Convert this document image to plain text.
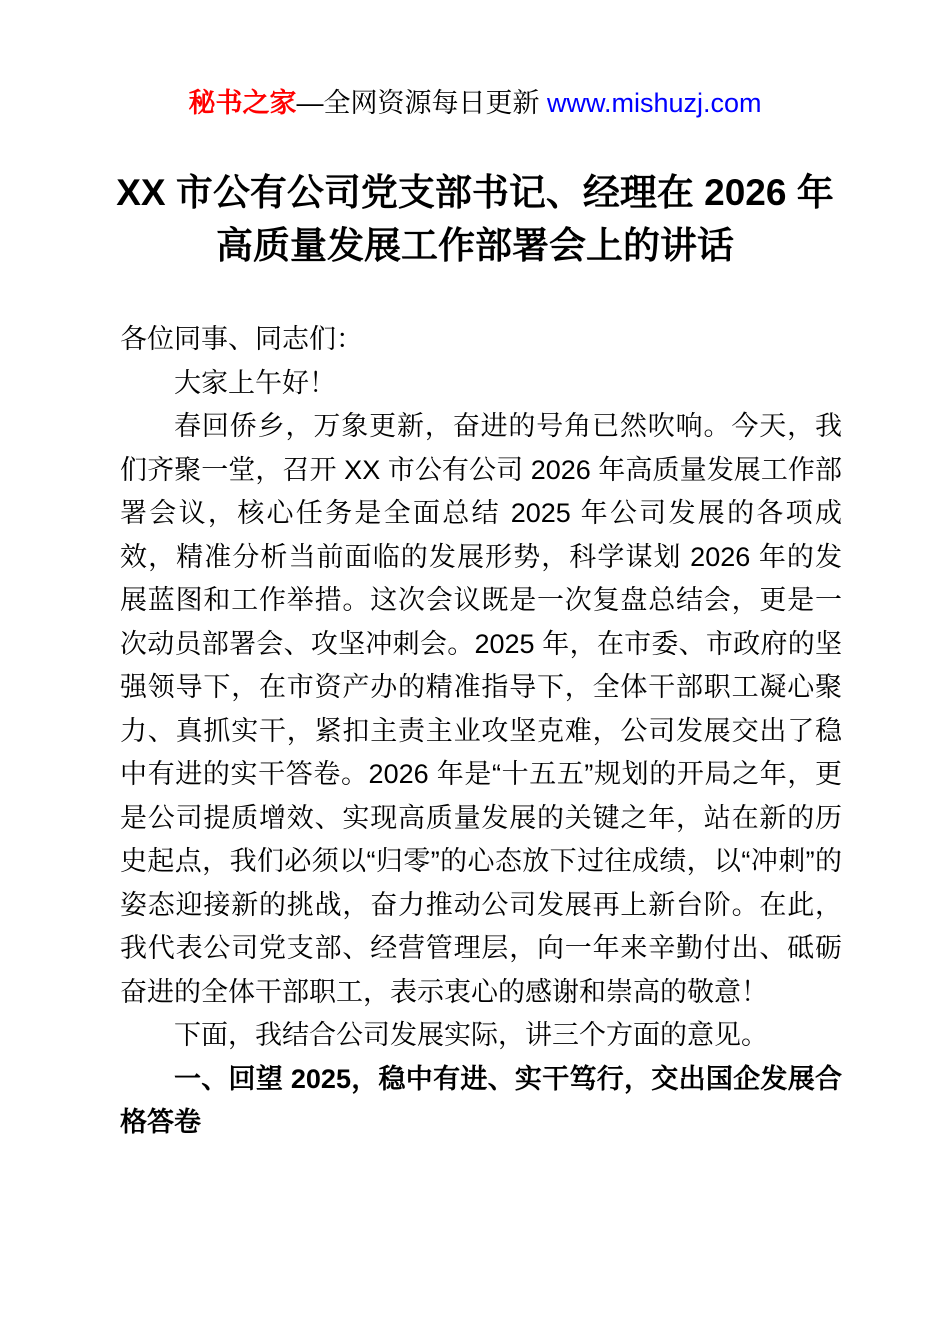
秘书之家—全网资源每日更新 www.mishuzj.com
XX 市公有公司党支部书记、经理在 2026 年
高质量发展工作部署会上的讲话

各位同事、同志们：

大家上午好！

春回侨乡，万象更新，奋进的号角已然吹响。今天，我们齐聚一堂，召开 XX 市公有公司 2026 年高质量发展工作部署会议，核心任务是全面总结 2025 年公司发展的各项成效，精准分析当前面临的发展形势，科学谋划 2026 年的发展蓝图和工作举措。这次会议既是一次复盘总结会，更是一次动员部署会、攻坚冲刺会。2025 年，在市委、市政府的坚强领导下，在市资产办的精准指导下，全体干部职工凝心聚力、真抓实干，紧扣主责主业攻坚克难，公司发展交出了稳中有进的实干答卷。2026 年是“十五五”规划的开局之年，更是公司提质增效、实现高质量发展的关键之年，站在新的历史起点，我们必须以“归零”的心态放下过往成绩，以“冲刺”的姿态迎接新的挑战，奋力推动公司发展再上新台阶。在此，我代表公司党支部、经营管理层，向一年来辛勤付出、砥砺奋进的全体干部职工，表示衷心的感谢和崇高的敬意！

下面，我结合公司发展实际，讲三个方面的意见。

一、回望 2025，稳中有进、实干笃行，交出国企发展合格答卷
